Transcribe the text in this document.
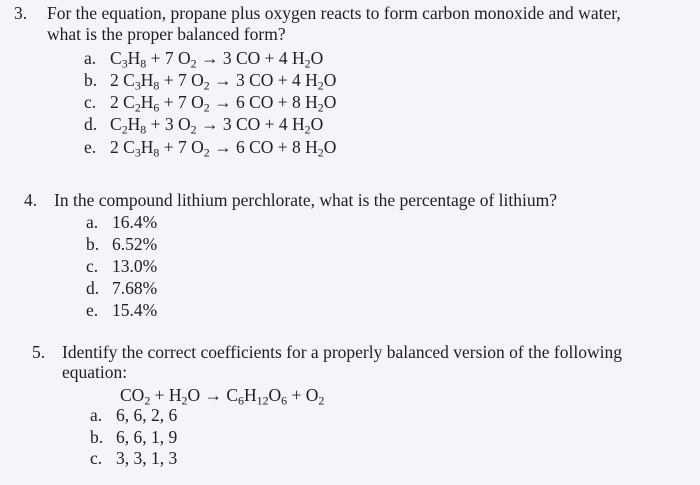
3. For the equation, propane plus oxygen reacts to form carbon monoxide and water,
what is the proper balanced form?
a. $C_3H_8 + 7$ $O_2 \to 3$ CO + 4 $H_2O$
b. 2 $C_3H_8 + 7$ $O_2 \to 3$ CO + 4 $H_2O$
c. 2 $C_2H_6 + 7$ $O_2 \to 6$ CO + 8 $H_2O$
d. $C_2H_8 + 3$ $O_2 \to 3$ CO + 4 $H_2O$
e. 2 $C_3H_8 + 7$ $O_2 \to 6$ CO + 8 $H_2O$
4. In the compound lithium perchlorate, what is the percentage of lithium?
a. 16.4%
b. 6.52%
c. 13.0%
d. 7.68%
e. 15.4%
5. Identify the correct coefficients for a properly balanced version of the following
equation:
$CO_2 + H_2O \to C_6H_{12}O_6 + O_2$
a. 6, 6, 2, 6
b. 6, 6, 1, 9
c. 3, 3, 1, 3
